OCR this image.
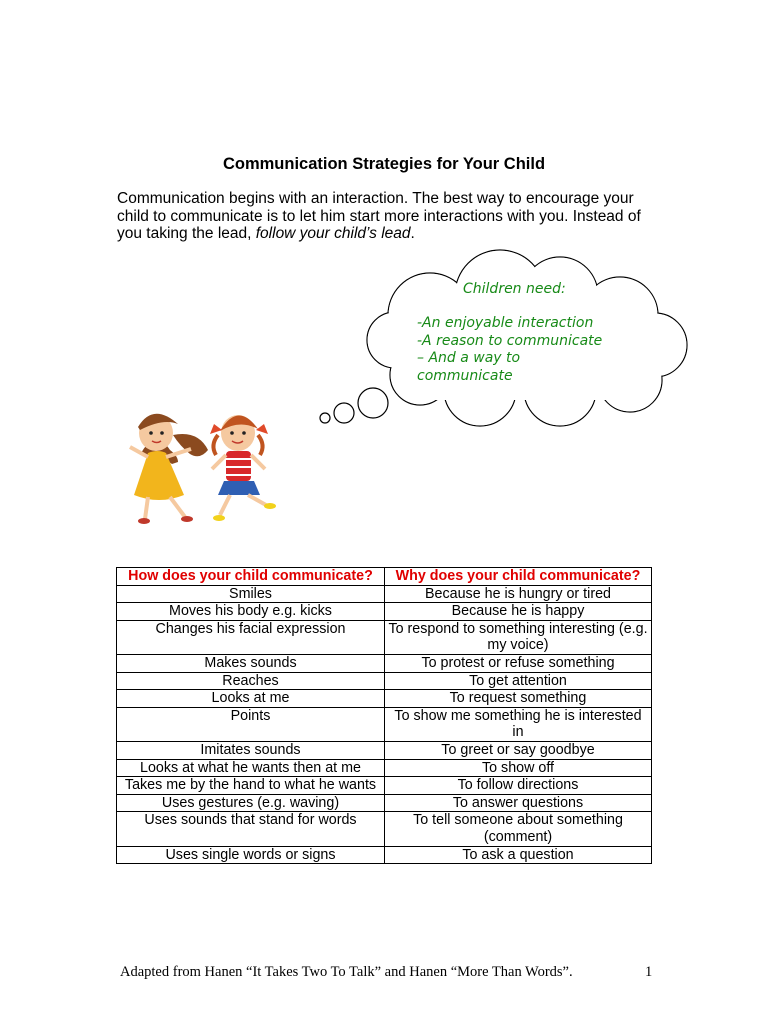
Communication Strategies for Your Child

Communication begins with an interaction. The best way to encourage your child to communicate is to let him start more interactions with you. Instead of you taking the lead, follow your child’s lead.

Children need:
-An enjoyable interaction
-A reason to communicate
– And a way to
communicate
How does your child communicate?	Why does your child communicate?
Smiles	Because he is hungry or tired
Moves his body e.g. kicks	Because he is happy
Changes his facial expression	To respond to something interesting (e.g. my voice)
Makes sounds	To protest or refuse something
Reaches	To get attention
Looks at me	To request something
Points	To show me something he is interested in
Imitates sounds	To greet or say goodbye
Looks at what he wants then at me	To show off
Takes me by the hand to what he wants	To follow directions
Uses gestures (e.g. waving)	To answer questions
Uses sounds that stand for words	To tell someone about something (comment)
Uses single words or signs	To ask a question
Adapted from Hanen “It Takes Two To Talk” and Hanen “More Than Words”.	1
